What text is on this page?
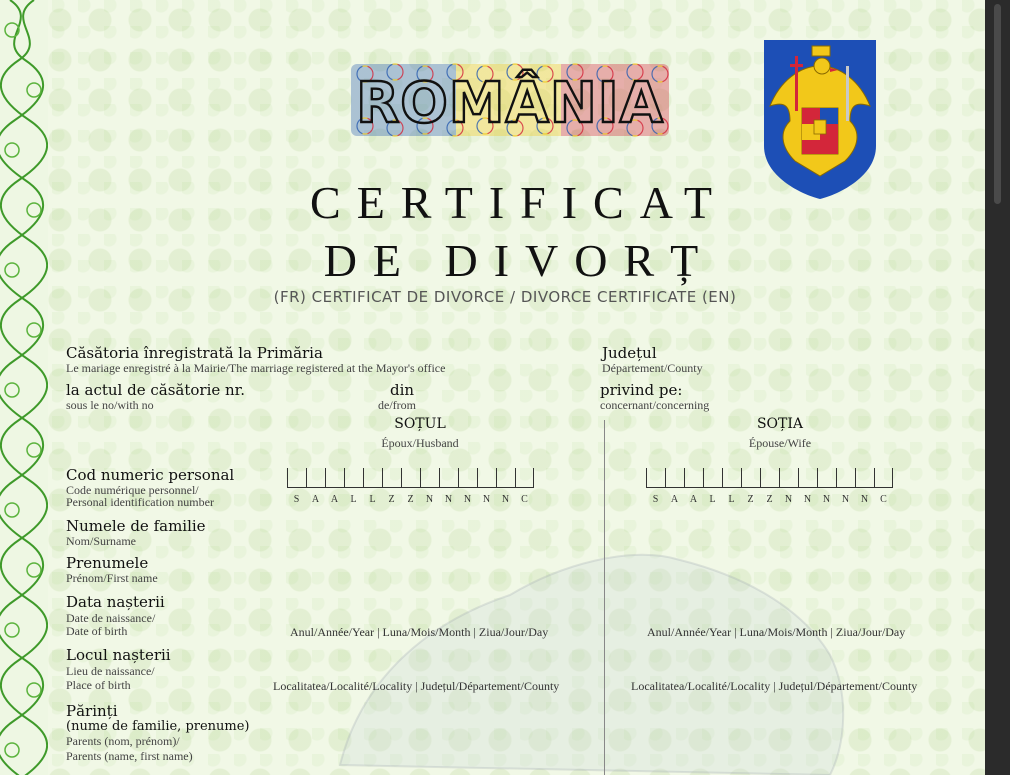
ROMÂNIA
CERTIFICAT
DE DIVORȚ
(FR) CERTIFICAT DE DIVORCE / DIVORCE CERTIFICATE (EN)
Căsătoria înregistrată la Primăria
Le mariage enregistré à la Mairie/The marriage registered at the Mayor's office
Județul
Département/County
la actul de căsătorie nr.
sous le no/with no
din
de/from
privind pe:
concernant/concerning
SOȚUL
Époux/Husband
SOȚIA
Épouse/Wife
Cod numeric personal
Code numérique personnel/
Personal identification number	S	A	A	L	L	Z	Z	N	N	N	N	N	C	S	A	A	L	L	Z	Z	N	N	N	N	N	C
Numele de familie
Nom/Surname
Prenumele
Prénom/First name
Data nașterii
Date de naissance/
Date of birth	Anul/Année/Year | Luna/Mois/Month | Ziua/Jour/Day	Anul/Année/Year | Luna/Mois/Month | Ziua/Jour/Day
Locul nașterii
Lieu de naissance/
Place of birth	Localitatea/Localité/Locality | Județul/Département/County	Localitatea/Localité/Locality | Județul/Département/County
Părinți
(nume de familie, prenume)
Parents (nom, prénom)/
Parents (name, first name)
